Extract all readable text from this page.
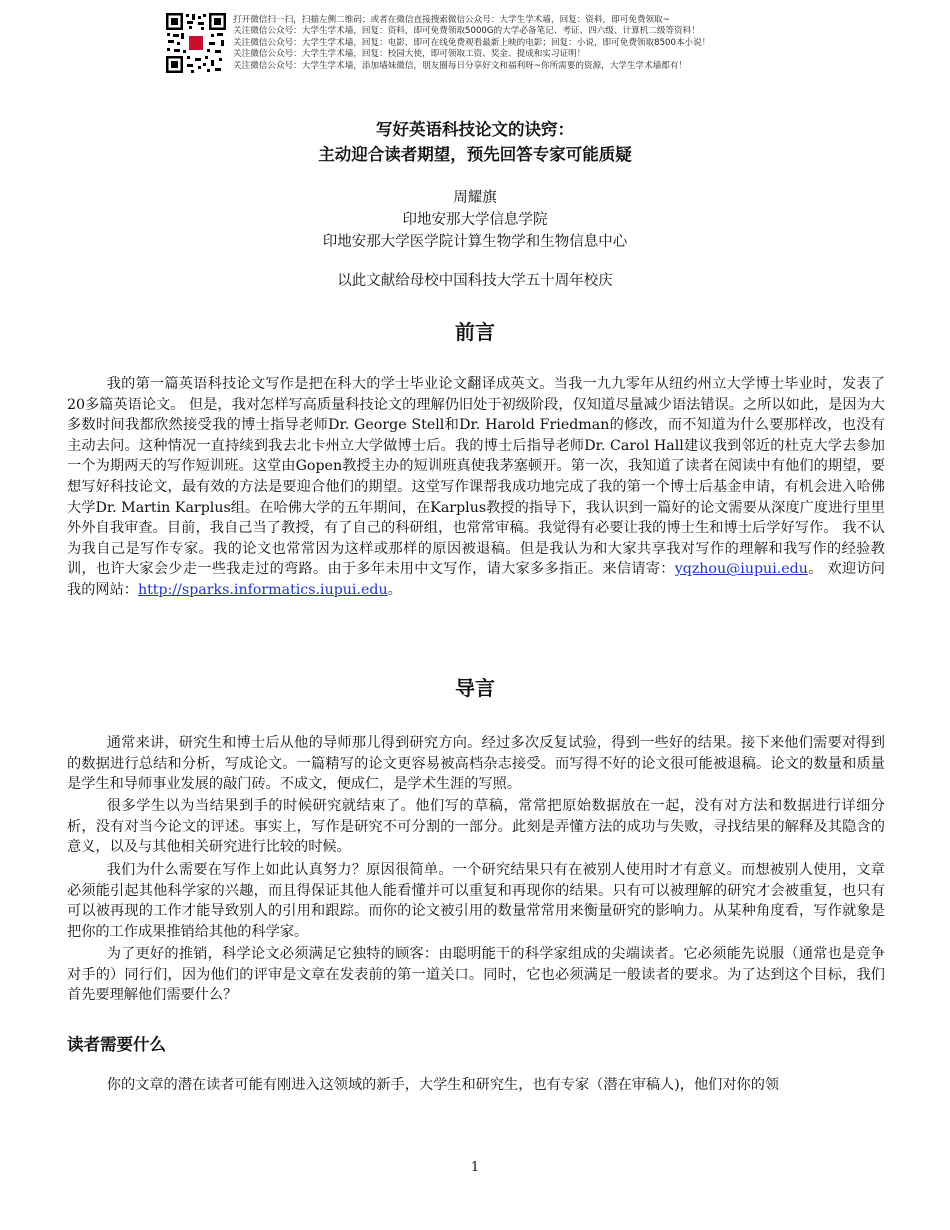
打开微信扫一扫，扫描左侧二维码；或者在微信直接搜索微信公众号：大学生学术墙，回复：资料，即可免费领取~
关注微信公众号：大学生学术墙，回复：资料，即可免费领取5000G的大学必备笔记、考证、四六级、计算机二级等资料！
关注微信公众号：大学生学术墙，回复：电影，即可在线免费观看最新上映的电影；回复：小说，即可免费领取8500本小说！
关注微信公众号：大学生学术墙，回复：校园大使，即可领取工资、奖金、提成和实习证明！
关注微信公众号：大学生学术墙，添加墙妹微信，朋友圈每日分享好文和福利呀~你所需要的资源，大学生学术墙都有！
写好英语科技论文的诀窍：
主动迎合读者期望，预先回答专家可能质疑
周耀旗
印地安那大学信息学院
印地安那大学医学院计算生物学和生物信息中心
以此文献给母校中国科技大学五十周年校庆
前言
我的第一篇英语科技论文写作是把在科大的学士毕业论文翻译成英文。当我一九九零年从纽约州立大学博士毕业时，发表了20多篇英语论文。 但是，我对怎样写高质量科技论文的理解仍旧处于初级阶段，仅知道尽量减少语法错误。之所以如此，是因为大多数时间我都欣然接受我的博士指导老师Dr. George Stell和Dr. Harold Friedman的修改，而不知道为什么要那样改，也没有主动去问。这种情况一直持续到我去北卡州立大学做博士后。我的博士后指导老师Dr. Carol Hall建议我到邻近的杜克大学去参加一个为期两天的写作短训班。这堂由Gopen教授主办的短训班真使我茅塞顿开。第一次，我知道了读者在阅读中有他们的期望，要想写好科技论文，最有效的方法是要迎合他们的期望。这堂写作课帮我成功地完成了我的第一个博士后基金申请，有机会进入哈佛大学Dr. Martin Karplus组。在哈佛大学的五年期间，在Karplus教授的指导下，我认识到一篇好的论文需要从深度广度进行里里外外自我审查。目前，我自己当了教授，有了自己的科研组，也常常审稿。我觉得有必要让我的博士生和博士后学好写作。 我不认为我自己是写作专家。我的论文也常常因为这样或那样的原因被退稿。但是我认为和大家共享我对写作的理解和我写作的经验教训，也许大家会少走一些我走过的弯路。由于多年未用中文写作，请大家多多指正。来信请寄：yqzhou@iupui.edu。 欢迎访问我的网站：http://sparks.informatics.iupui.edu。
导言
通常来讲，研究生和博士后从他的导师那儿得到研究方向。经过多次反复试验，得到一些好的结果。接下来他们需要对得到的数据进行总结和分析，写成论文。一篇精写的论文更容易被高档杂志接受。而写得不好的论文很可能被退稿。论文的数量和质量是学生和导师事业发展的敲门砖。不成文，便成仁，是学术生涯的写照。
很多学生以为当结果到手的时候研究就结束了。他们写的草稿，常常把原始数据放在一起，没有对方法和数据进行详细分析，没有对当今论文的评述。事实上，写作是研究不可分割的一部分。此刻是弄懂方法的成功与失败，寻找结果的解释及其隐含的意义，以及与其他相关研究进行比较的时候。
我们为什么需要在写作上如此认真努力？原因很简单。一个研究结果只有在被别人使用时才有意义。而想被别人使用，文章必须能引起其他科学家的兴趣，而且得保证其他人能看懂并可以重复和再现你的结果。只有可以被理解的研究才会被重复，也只有可以被再现的工作才能导致别人的引用和跟踪。而你的论文被引用的数量常常用来衡量研究的影响力。从某种角度看，写作就象是把你的工作成果推销给其他的科学家。
为了更好的推销，科学论文必须满足它独特的顾客：由聪明能干的科学家组成的尖端读者。它必须能先说服（通常也是竞争对手的）同行们，因为他们的评审是文章在发表前的第一道关口。同时，它也必须满足一般读者的要求。为了达到这个目标，我们首先要理解他们需要什么？
读者需要什么
你的文章的潜在读者可能有刚进入这领域的新手，大学生和研究生，也有专家（潜在审稿人)，他们对你的领
1
